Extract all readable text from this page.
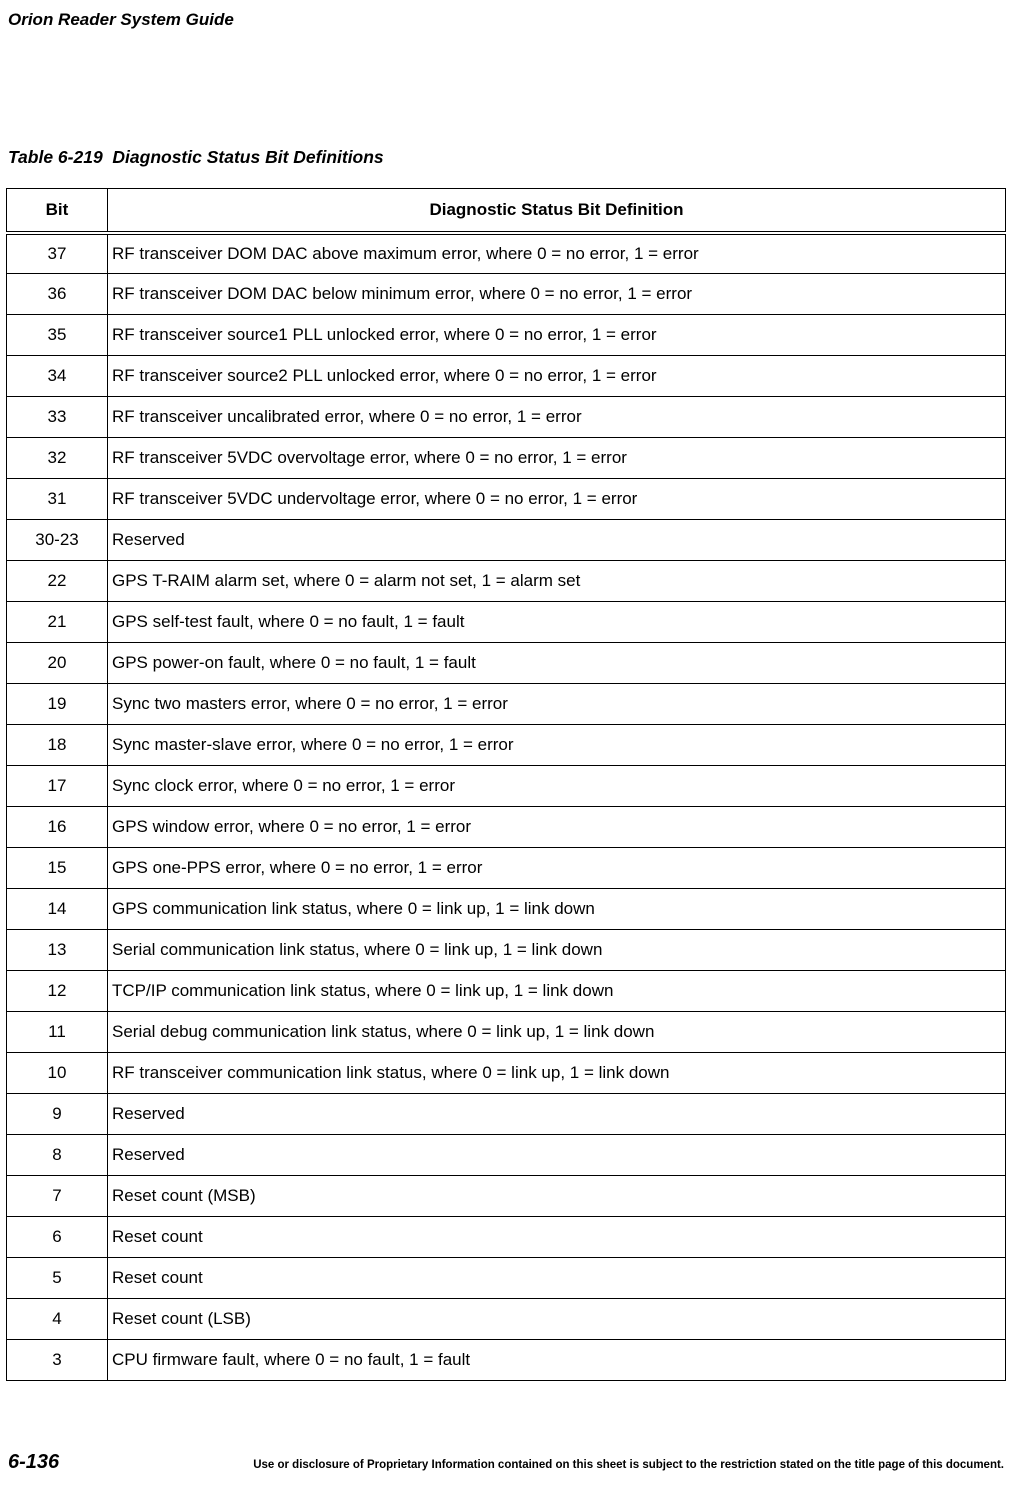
Orion Reader System Guide
Table 6-219  Diagnostic Status Bit Definitions
Bit	Diagnostic Status Bit Definition
37	RF transceiver DOM DAC above maximum error, where 0 = no error, 1 = error
36	RF transceiver DOM DAC below minimum error, where 0 = no error, 1 = error
35	RF transceiver source1 PLL unlocked error, where 0 = no error, 1 = error
34	RF transceiver source2 PLL unlocked error, where 0 = no error, 1 = error
33	RF transceiver uncalibrated error, where 0 = no error, 1 = error
32	RF transceiver 5VDC overvoltage error, where 0 = no error, 1 = error
31	RF transceiver 5VDC undervoltage error, where 0 = no error, 1 = error
30-23	Reserved
22	GPS T-RAIM alarm set, where 0 = alarm not set, 1 = alarm set
21	GPS self-test fault, where 0 = no fault, 1 = fault
20	GPS power-on fault, where 0 = no fault, 1 = fault
19	Sync two masters error, where 0 = no error, 1 = error
18	Sync master-slave error, where 0 = no error, 1 = error
17	Sync clock error, where 0 = no error, 1 = error
16	GPS window error, where 0 = no error, 1 = error
15	GPS one-PPS error, where 0 = no error, 1 = error
14	GPS communication link status, where 0 = link up, 1 = link down
13	Serial communication link status, where 0 = link up, 1 = link down
12	TCP/IP communication link status, where 0 = link up, 1 = link down
11	Serial debug communication link status, where 0 = link up, 1 = link down
10	RF transceiver communication link status, where 0 = link up, 1 = link down
9	Reserved
8	Reserved
7	Reset count (MSB)
6	Reset count
5	Reset count
4	Reset count (LSB)
3	CPU firmware fault, where 0 = no fault, 1 = fault
6-136	Use or disclosure of Proprietary Information contained on this sheet is subject to the restriction stated on the title page of this document.
